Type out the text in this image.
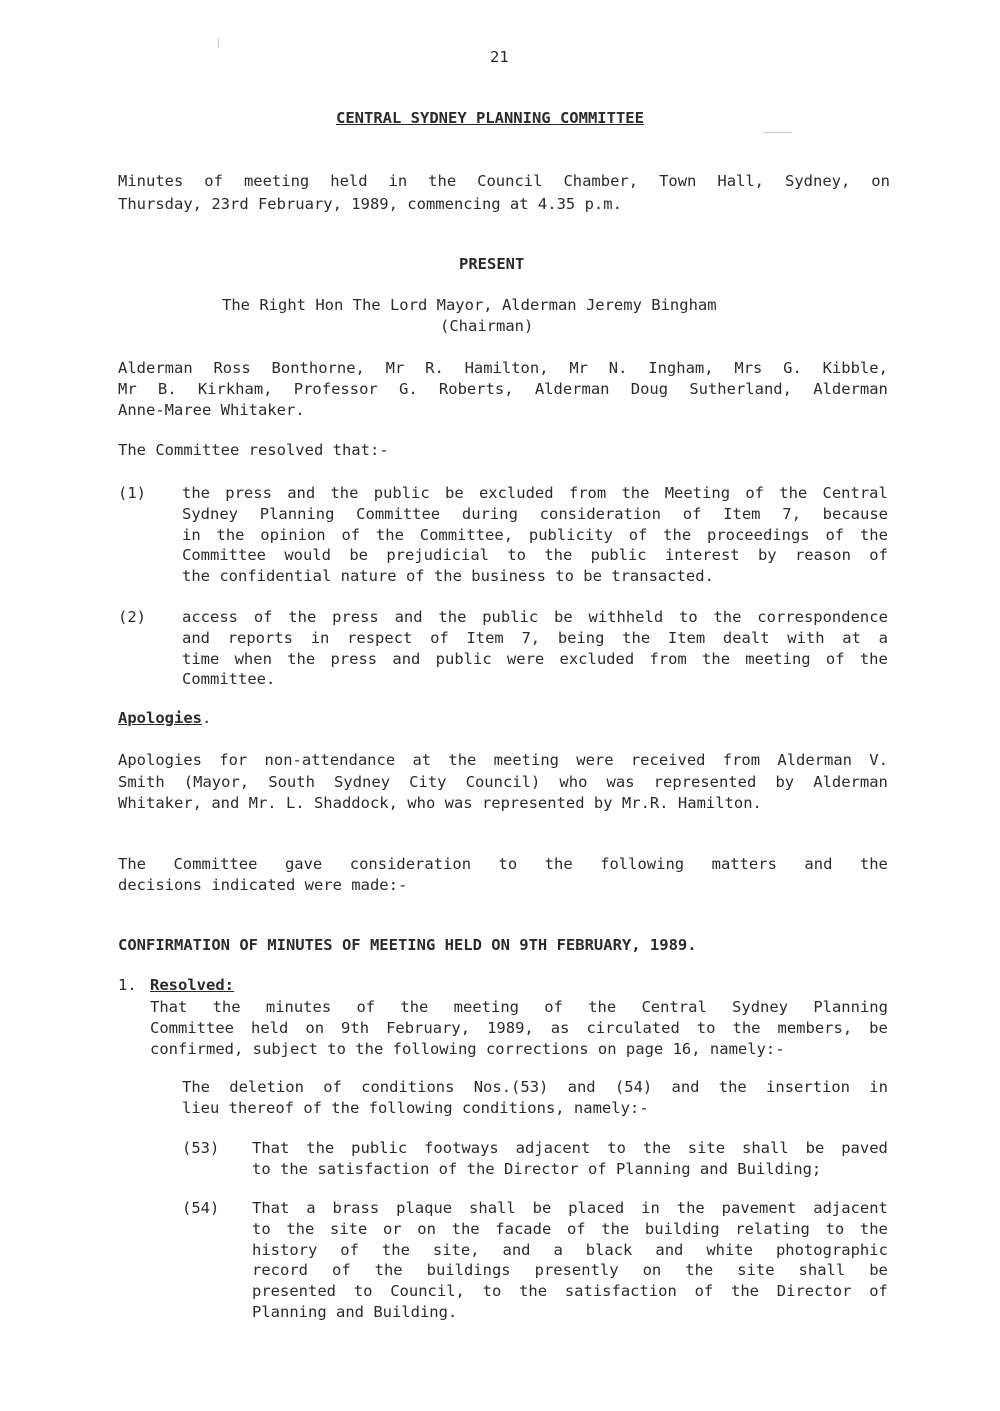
21
CENTRAL SYDNEY PLANNING COMMITTEE
Minutes of meeting held in the Council Chamber, Town Hall, Sydney, on
Thursday, 23rd February, 1989, commencing at 4.35 p.m.
PRESENT
The Right Hon The Lord Mayor, Alderman Jeremy Bingham
(Chairman)
Alderman Ross Bonthorne, Mr R. Hamilton, Mr N. Ingham, Mrs G. Kibble,
Mr B. Kirkham, Professor G. Roberts, Alderman Doug Sutherland, Alderman
Anne-Maree Whitaker.
The Committee resolved that:-
(1)
(2)
Apologies.
Apologies for non-attendance at the meeting were received from Alderman V.
Smith (Mayor, South Sydney City Council) who was represented by Alderman
Whitaker, and Mr. L. Shaddock, who was represented by Mr.R. Hamilton.
The Committee gave consideration to the following matters and the
decisions indicated were made:-
CONFIRMATION OF MINUTES OF MEETING HELD ON 9TH FEBRUARY, 1989.
1. Resolved:
(53)
(54)
the press and the public be excluded from the Meeting of the Central
Sydney Planning Committee during consideration of Item 7, because
in the opinion of the Committee, publicity of the proceedings of the
Committee would be prejudicial to the public interest by reason of
the confidential nature of the business to be transacted.
access of the press and the public be withheld to the correspondence
and reports in respect of Item 7, being the Item dealt with at a
time when the press and public were excluded from the meeting of the
Committee.
That the minutes of the meeting of the Central Sydney Planning
Committee held on 9th February, 1989, as circulated to the members, be
confirmed, subject to the following corrections on page 16, namely:-
The deletion of conditions Nos.(53) and (54) and the insertion in
lieu thereof of the following conditions, namely:-
That the public footways adjacent to the site shall be paved
to the satisfaction of the Director of Planning and Building;
That a brass plaque shall be placed in the pavement adjacent
to the site or on the facade of the building relating to the
history of the site, and a black and white photographic
record of the buildings presently on the site shall be
presented to Council, to the satisfaction of the Director of
Planning and Building.
